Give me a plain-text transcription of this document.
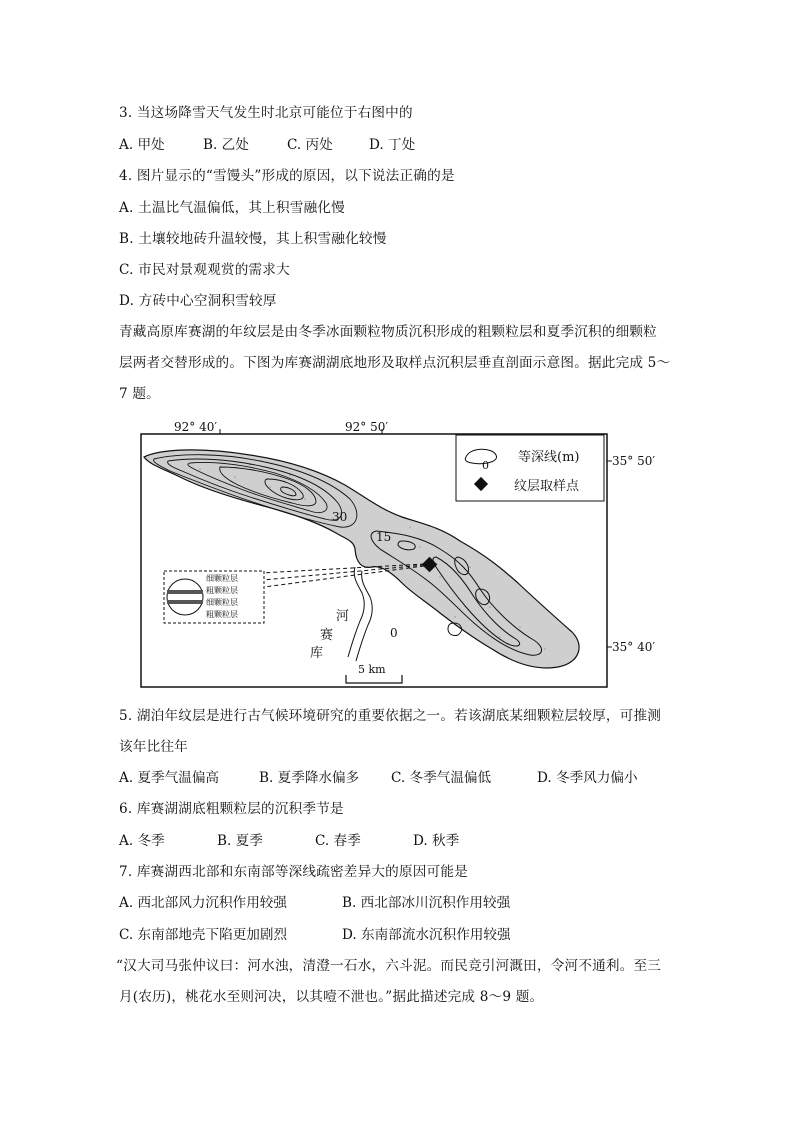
3. 当这场降雪天气发生时北京可能位于右图中的
A. 甲处	B. 乙处	C. 丙处	D. 丁处
4. 图片显示的“雪馒头”形成的原因，以下说法正确的是
A. 土温比气温偏低，其上积雪融化慢
B. 土壤较地砖升温较慢，其上积雪融化较慢
C. 市民对景观观赏的需求大
D. 方砖中心空洞积雪较厚
青藏高原库赛湖的年纹层是由冬季冰面颗粒物质沉积形成的粗颗粒层和夏季沉积的细颗粒
层两者交替形成的。下图为库赛湖湖底地形及取样点沉积层垂直剖面示意图。据此完成 5～
7 题。
92° 40′	92° 50′
30
15
0
河
赛
库
细颗粒层
粗颗粒层
细颗粒层
粗颗粒层
0
等深线(m)
纹层取样点
35° 50′
35° 40′
5 km
5. 湖泊年纹层是进行古气候环境研究的重要依据之一。若该湖底某细颗粒层较厚，可推测
该年比往年
A. 夏季气温偏高	B. 夏季降水偏多 C. 冬季气温偏低	D. 冬季风力偏小
6. 库赛湖湖底粗颗粒层的沉积季节是
A. 冬季	B. 夏季	C. 春季	D. 秋季
7. 库赛湖西北部和东南部等深线疏密差异大的原因可能是
A. 西北部风力沉积作用较强	B. 西北部冰川沉积作用较强
C. 东南部地壳下陷更加剧烈	D. 东南部流水沉积作用较强
“汉大司马张仲议曰：河水浊，清澄一石水，六斗泥。而民竞引河溉田，令河不通利。至三
月(农历)，桃花水至则河决，以其噎不泄也。”据此描述完成 8～9 题。
